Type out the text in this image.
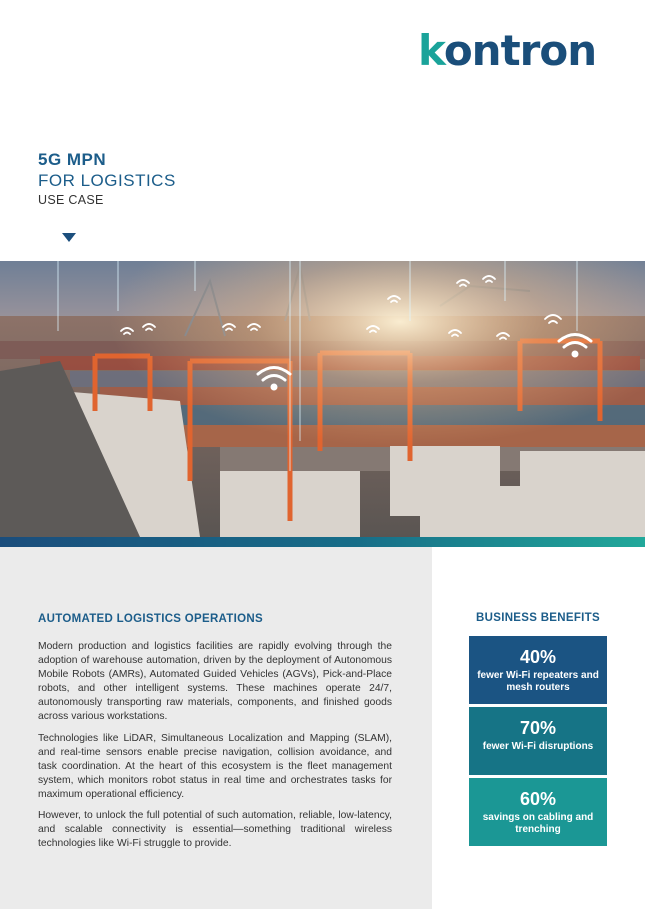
kontron
5G MPN
FOR LOGISTICS
USE CASE
AUTOMATED LOGISTICS OPERATIONS

Modern production and logistics facilities are rapidly evolving through the adoption of warehouse automation, driven by the deployment of Autonomous Mobile Robots (AMRs), Automated Guided Vehicles (AGVs), Pick-and-Place robots, and other intelligent systems. These machines operate 24/7, autonomously transporting raw materials, components, and finished goods across various workstations.

Technologies like LiDAR, Simultaneous Localization and Mapping (SLAM), and real-time sensors enable precise navigation, collision avoidance, and task coordination. At the heart of this ecosystem is the fleet management system, which monitors robot status in real time and orchestrates tasks for maximum operational efficiency.

However, to unlock the full potential of such automation, reliable, low-latency, and scalable connectivity is essential—something traditional wireless technologies like Wi-Fi struggle to provide.

BUSINESS BENEFITS
40%
fewer Wi-Fi repeaters and mesh routers
70%
fewer Wi-Fi disruptions
60%
savings on cabling and trenching
